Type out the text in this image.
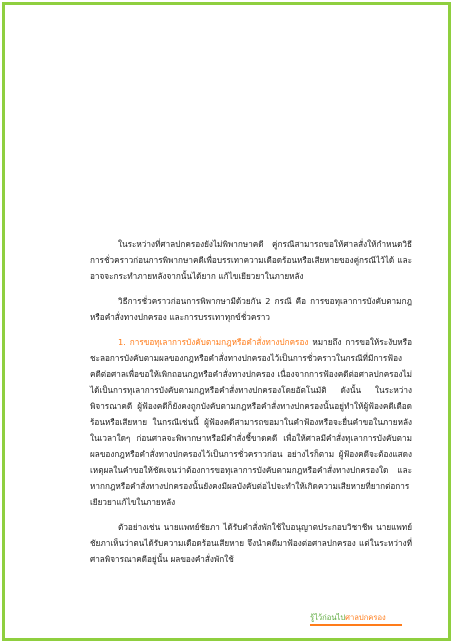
ในระหว่างที่ศาลปกครองยังไม่พิพากษาคดี คู่กรณีสามารถขอให้ศาลสั่งให้กำหนดวิธีการชั่วคราวก่อนการพิพากษาคดีเพื่อบรรเทาความเดือดร้อนหรือเสียหายของคู่กรณีไว้ได้ และอาจจะกระทำภายหลังจากนั้นได้ยาก แก้ไขเยียวยาในภายหลัง

วิธีการชั่วคราวก่อนการพิพากษามีด้วยกัน 2 กรณี คือ การขอทุเลาการบังคับตามกฎหรือคำสั่งทางปกครอง และการบรรเทาทุกข์ชั่วคราว

1. การขอทุเลาการบังคับตามกฎหรือคำสั่งทางปกครอง หมายถึง การขอให้ระงับหรือชะลอการบังคับตามผลของกฎหรือคำสั่งทางปกครองไว้เป็นการชั่วคราวในกรณีที่มีการฟ้องคดีต่อศาลเพื่อขอให้เพิกถอนกฎหรือคำสั่งทางปกครอง เนื่องจากการฟ้องคดีต่อศาลปกครองไม่ได้เป็นการทุเลาการบังคับตามกฎหรือคำสั่งทางปกครองโดยอัตโนมัติ ดังนั้น ในระหว่างพิจารณาคดี ผู้ฟ้องคดีก็ยังคงถูกบังคับตามกฎหรือคำสั่งทางปกครองนั้นอยู่ทำให้ผู้ฟ้องคดีเดือดร้อนหรือเสียหาย ในกรณีเช่นนี้ ผู้ฟ้องคดีสามารถขอมาในคำฟ้องหรือจะยื่นคำขอในภายหลังในเวลาใดๆ ก่อนศาลจะพิพากษาหรือมีคำสั่งชี้ขาดคดี เพื่อให้ศาลมีคำสั่งทุเลาการบังคับตามผลของกฎหรือคำสั่งทางปกครองไว้เป็นการชั่วคราวก่อน อย่างไรก็ตาม ผู้ฟ้องคดีจะต้องแสดงเหตุผลในคำขอให้ชัดเจนว่าต้องการขอทุเลาการบังคับตามกฎหรือคำสั่งทางปกครองใด และหากกฎหรือคำสั่งทางปกครองนั้นยังคงมีผลบังคับต่อไปจะทำให้เกิดความเสียหายที่ยากต่อการเยียวยาแก้ไขในภายหลัง

ตัวอย่างเช่น นายแพทย์ชัยภา ได้รับคำสั่งพักใช้ใบอนุญาตประกอบวิชาชีพ นายแพทย์ชัยภาเห็นว่าตนได้รับความเดือดร้อนเสียหาย จึงนำคดีมาฟ้องต่อศาลปกครอง แต่ในระหว่างที่ศาลพิจารณาคดีอยู่นั้น ผลของคำสั่งพักใช้

รู้ไว้ก่อนไปศาลปกครอง
